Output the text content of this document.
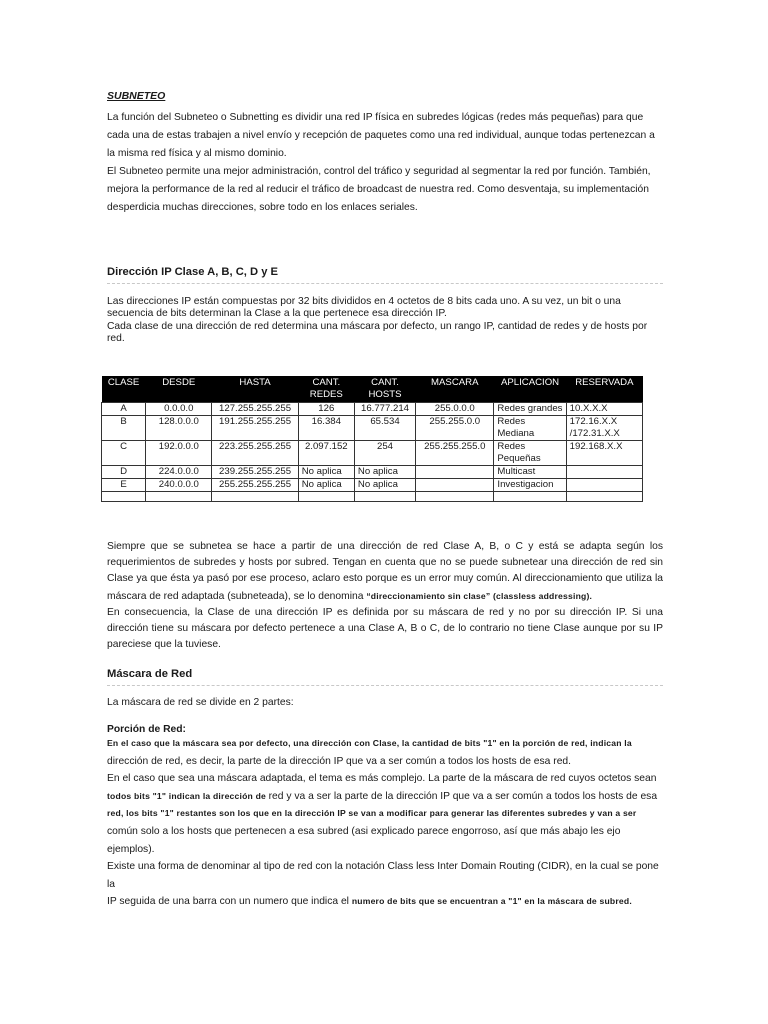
SUBNETEO

La función del Subneteo o Subnetting es dividir una red IP física en subredes lógicas (redes más pequeñas) para que cada una de estas trabajen a nivel envío y recepción de paquetes como una red individual, aunque todas pertenezcan a la misma red física y al mismo dominio.

El Subneteo permite una mejor administración, control del tráfico y seguridad al segmentar la red por función. También, mejora la performance de la red al reducir el tráfico de broadcast de nuestra red. Como desventaja, su implementación desperdicia muchas direcciones, sobre todo en los enlaces seriales.

Dirección IP Clase A, B, C, D y E

Las direcciones IP están compuestas por 32 bits divididos en 4 octetos de 8 bits cada uno. A su vez, un bit o una secuencia de bits determinan la Clase a la que pertenece esa dirección IP.

Cada clase de una dirección de red determina una máscara por defecto, un rango IP, cantidad de redes y de hosts por red.

CLASE	DESDE	HASTA	CANT. REDES	CANT. HOSTS	MASCARA	APLICACION	RESERVADA
A	0.0.0.0	127.255.255.255	126	16.777.214	255.0.0.0	Redes grandes	10.X.X.X
B	128.0.0.0	191.255.255.255	16.384	65.534	255.255.0.0	Redes Mediana	172.16.X.X /172.31.X.X
C	192.0.0.0	223.255.255.255	2.097.152	254	255.255.255.0	Redes Pequeñas	192.168.X.X
D	224.0.0.0	239.255.255.255	No aplica	No aplica		Multicast	
E	240.0.0.0	255.255.255.255	No aplica	No aplica		Investigacion	

Siempre que se subnetea se hace a partir de una dirección de red Clase A, B, o C y está se adapta según los requerimientos de subredes y hosts por subred. Tengan en cuenta que no se puede subnetear una dirección de red sin Clase ya que ésta ya pasó por ese proceso, aclaro esto porque es un error muy común. Al direccionamiento que utiliza la máscara de red adaptada (subneteada), se lo denomina “direccionamiento sin clase” (classless addressing).
En consecuencia, la Clase de una dirección IP es definida por su máscara de red y no por su dirección IP. Si una dirección tiene su máscara por defecto pertenece a una Clase A, B o C, de lo contrario no tiene Clase aunque por su IP pareciese que la tuviese.

Máscara de Red

La máscara de red se divide en 2 partes:

Porción de Red:

En el caso que la máscara sea por defecto, una dirección con Clase, la cantidad de bits "1" en la porción de red, indican la
dirección de red, es decir, la parte de la dirección IP que va a ser común a todos los hosts de esa red.
En el caso que sea una máscara adaptada, el tema es más complejo. La parte de la máscara de red cuyos octetos sean
todos bits "1" indican la dirección de red y va a ser la parte de la dirección IP que va a ser común a todos los hosts de esa
red, los bits "1" restantes son los que en la dirección IP se van a modificar para generar las diferentes subredes y van a ser
común solo a los hosts que pertenecen a esa subred (asi explicado parece engorroso, así que más abajo les ejo ejemplos).
Existe una forma de denominar al tipo de red con la notación Class less Inter Domain Routing (CIDR), en la cual se pone la
IP seguida de una barra con un numero que indica el numero de bits que se encuentran a "1" en la máscara de subred.
